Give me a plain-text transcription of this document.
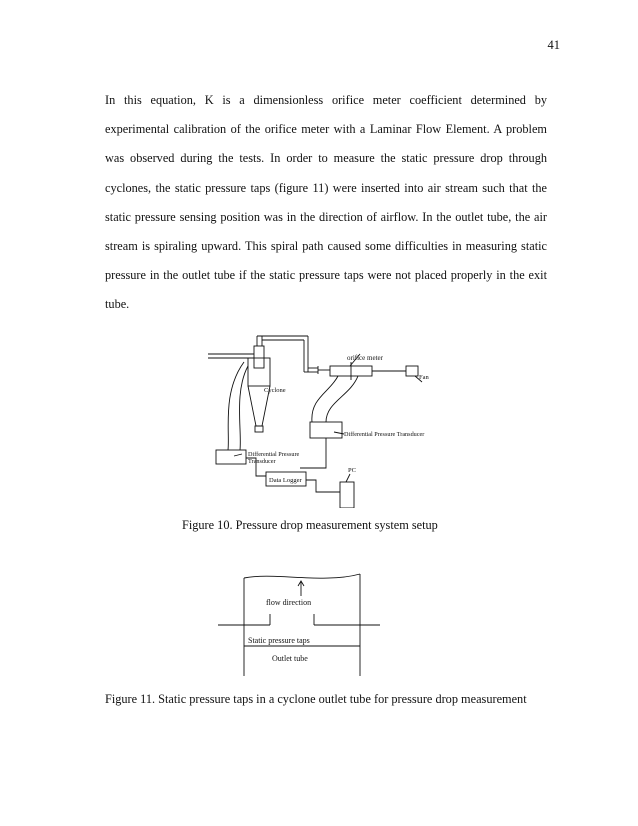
41

In this equation, K is a dimensionless orifice meter coefficient determined by experimental calibration of the orifice meter with a Laminar Flow Element. A problem was observed during the tests. In order to measure the static pressure drop through cyclones, the static pressure taps (figure 11) were inserted into air stream such that the static pressure sensing position was in the direction of airflow. In the outlet tube, the air stream is spiraling upward. This spiral path caused some difficulties in measuring static pressure in the outlet tube if the static pressure taps were not placed properly in the exit tube.

orifice meter
Cyclone
Fan
Differential Pressure Transducer
Differential Pressure
Transducer
Data Logger
PC
Figure 10. Pressure drop measurement system setup
flow direction
Static pressure taps
Outlet tube
Figure 11. Static pressure taps in a cyclone outlet tube for pressure drop measurement
